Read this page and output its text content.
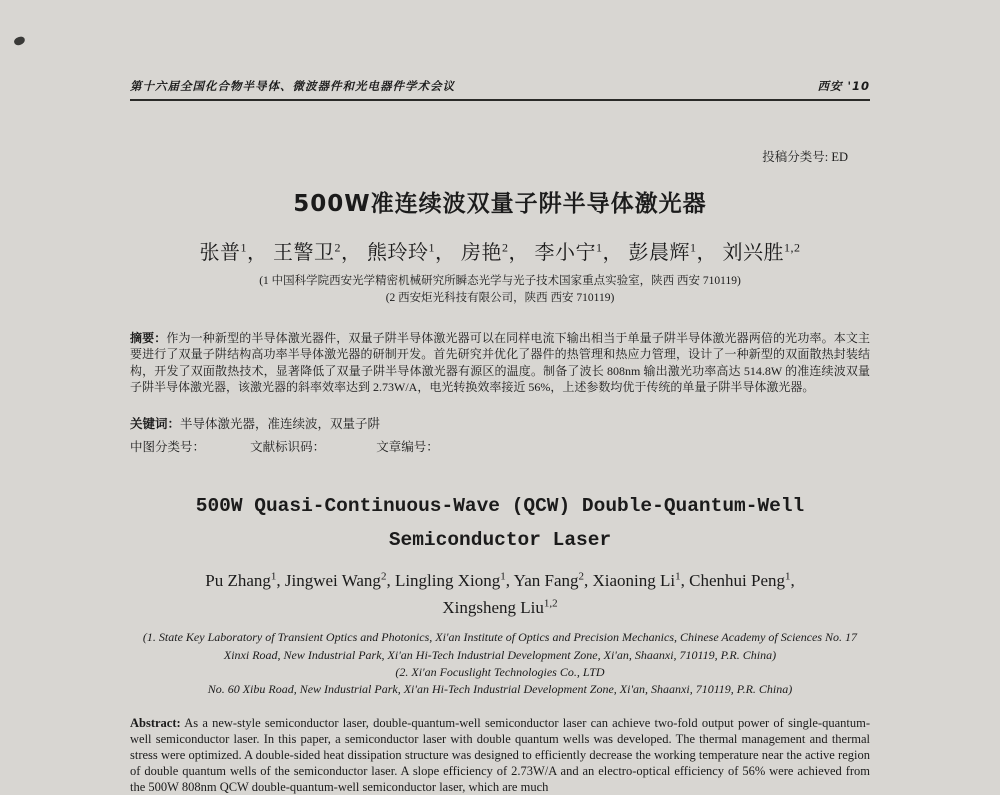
第十六届全国化合物半导体、微波器件和光电器件学术会议	西安 '10
投稿分类号: ED
500W准连续波双量子阱半导体激光器
张普$^1$， 王警卫$^2$， 熊玲玲$^1$， 房艳$^2$， 李小宁$^1$， 彭晨辉$^1$， 刘兴胜$^{1,2}$
(1 中国科学院西安光学精密机械研究所瞬态光学与光子技术国家重点实验室，陕西 西安 710119)
(2 西安炬光科技有限公司，陕西 西安 710119)

摘要：作为一种新型的半导体激光器件，双量子阱半导体激光器可以在同样电流下输出相当于单量子阱半导体激光器两倍的光功率。本文主要进行了双量子阱结构高功率半导体激光器的研制开发。首先研究并优化了器件的热管理和热应力管理，设计了一种新型的双面散热封装结构，开发了双面散热技术，显著降低了双量子阱半导体激光器有源区的温度。制备了波长 808nm 输出激光功率高达 514.8W 的准连续波双量子阱半导体激光器，该激光器的斜率效率达到 2.73W/A，电光转换效率接近 56%，上述参数均优于传统的单量子阱半导体激光器。

关键词：半导体激光器，准连续波，双量子阱
中图分类号：	文献标识码：	文章编号：
500W Quasi-Continuous-Wave (QCW) Double-Quantum-Well
Semiconductor Laser
Pu Zhang$^1$, Jingwei Wang$^2$, Lingling Xiong$^1$, Yan Fang$^2$, Xiaoning Li$^1$, Chenhui Peng$^1$,
Xingsheng Liu$^{1,2}$
(1. State Key Laboratory of Transient Optics and Photonics, Xi'an Institute of Optics and Precision Mechanics, Chinese Academy of Sciences No. 17 Xinxi Road, New Industrial Park, Xi'an Hi-Tech Industrial Development Zone, Xi'an, Shaanxi, 710119, P.R. China)
(2. Xi'an Focuslight Technologies Co., LTD
No. 60 Xibu Road, New Industrial Park, Xi'an Hi-Tech Industrial Development Zone, Xi'an, Shaanxi, 710119, P.R. China)

Abstract: As a new-style semiconductor laser, double-quantum-well semiconductor laser can achieve two-fold output power of single-quantum-well semiconductor laser. In this paper, a semiconductor laser with double quantum wells was developed. The thermal management and thermal stress were optimized. A double-sided heat dissipation structure was designed to efficiently decrease the working temperature near the active region of double quantum wells of the semiconductor laser. A slope efficiency of 2.73W/A and an electro-optical efficiency of 56% were achieved from the 500W 808nm QCW double-quantum-well semiconductor laser, which are much
